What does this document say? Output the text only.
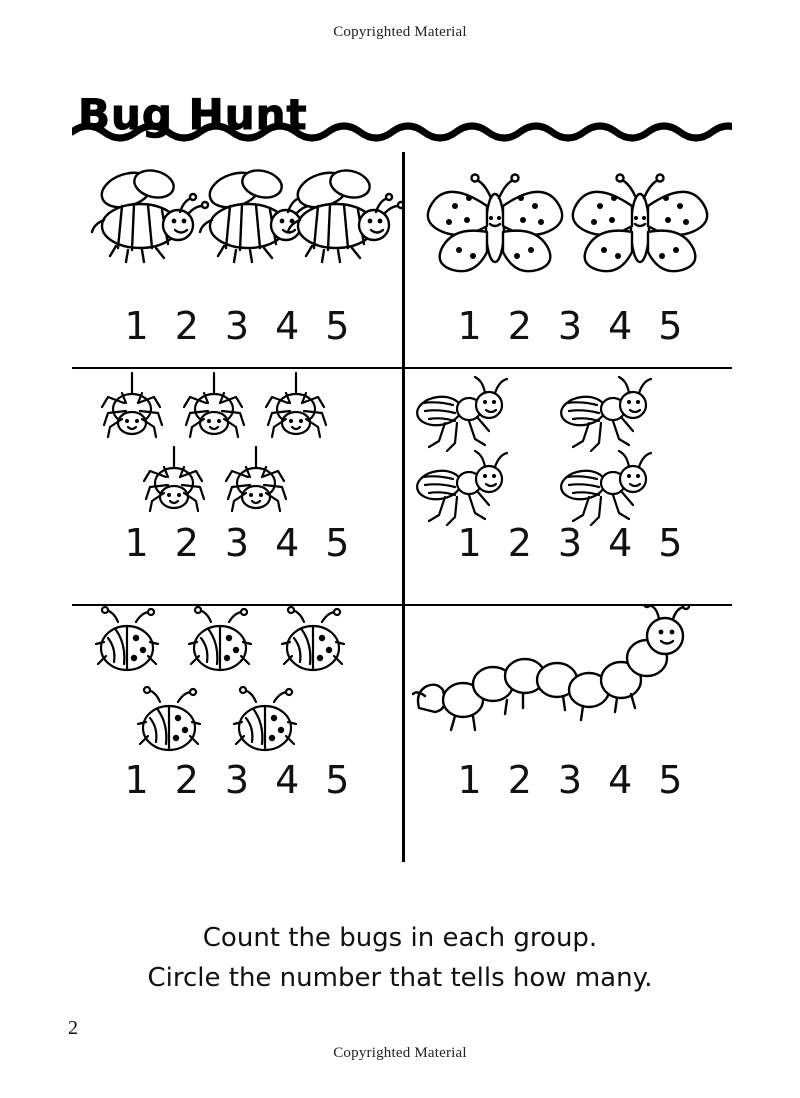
Copyrighted Material
Bug Hunt
1 2 3 4 5	1 2 3 4 5
1 2 3 4 5	1 2 3 4 5
1 2 3 4 5	1 2 3 4 5
Count the bugs in each group.
Circle the number that tells how many.
2
Copyrighted Material
